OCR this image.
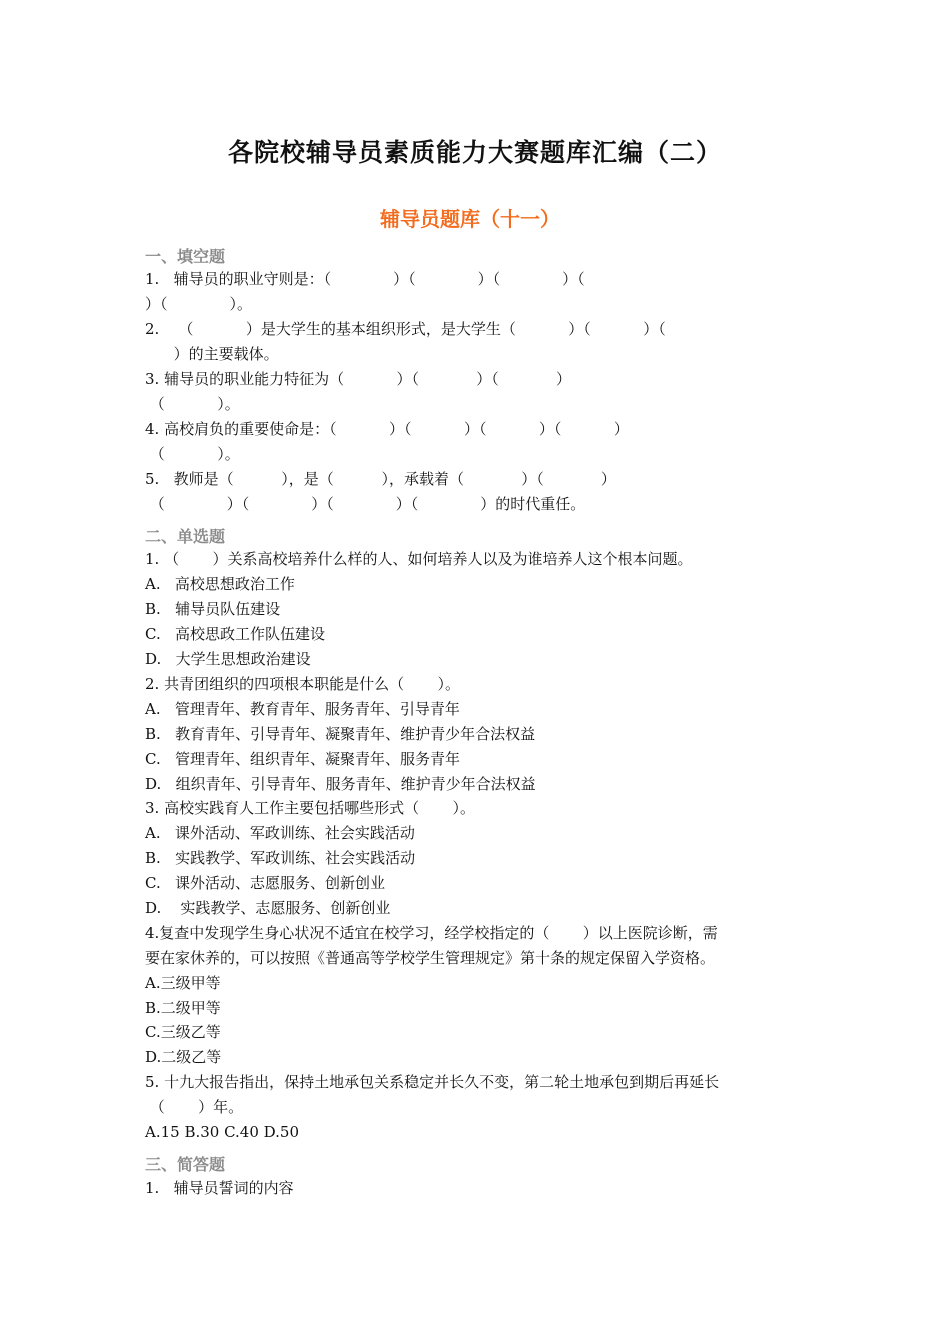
各院校辅导员素质能力大赛题库汇编（二）
辅导员题库（十一）
一、填空题
1.   辅导员的职业守则是：（             ）（             ）（             ）（
）（             ）。
2.    （           ）是大学生的基本组织形式，是大学生（           ）（           ）（
）的主要载体。
3. 辅导员的职业能力特征为（           ）（            ）（            ）
（           ）。
4. 高校肩负的重要使命是：（           ）（           ）（           ）（           ）
（           ）。
5.   教师是（          ），是（          ），承载着（            ）（            ）
（             ）（             ）（             ）（             ）的时代重任。
二、单选题
1. （       ）关系高校培养什么样的人、如何培养人以及为谁培养人这个根本问题。
A.   高校思想政治工作
B.   辅导员队伍建设
C.   高校思政工作队伍建设
D.   大学生思想政治建设
2. 共青团组织的四项根本职能是什么（       ）。
A.   管理青年、教育青年、服务青年、引导青年
B.   教育青年、引导青年、凝聚青年、维护青少年合法权益
C.   管理青年、组织青年、凝聚青年、服务青年
D.   组织青年、引导青年、服务青年、维护青少年合法权益
3. 高校实践育人工作主要包括哪些形式（       ）。
A.   课外活动、军政训练、社会实践活动
B.   实践教学、军政训练、社会实践活动
C.   课外活动、志愿服务、创新创业
D.    实践教学、志愿服务、创新创业
4.复查中发现学生身心状况不适宜在校学习，经学校指定的（       ）以上医院诊断，需
要在家休养的，可以按照《普通高等学校学生管理规定》第十条的规定保留入学资格。
A.三级甲等
B.二级甲等
C.三级乙等
D.二级乙等
5. 十九大报告指出，保持土地承包关系稳定并长久不变，第二轮土地承包到期后再延长
（       ）年。
A.15 B.30 C.40 D.50
三、简答题
1.   辅导员誓词的内容
